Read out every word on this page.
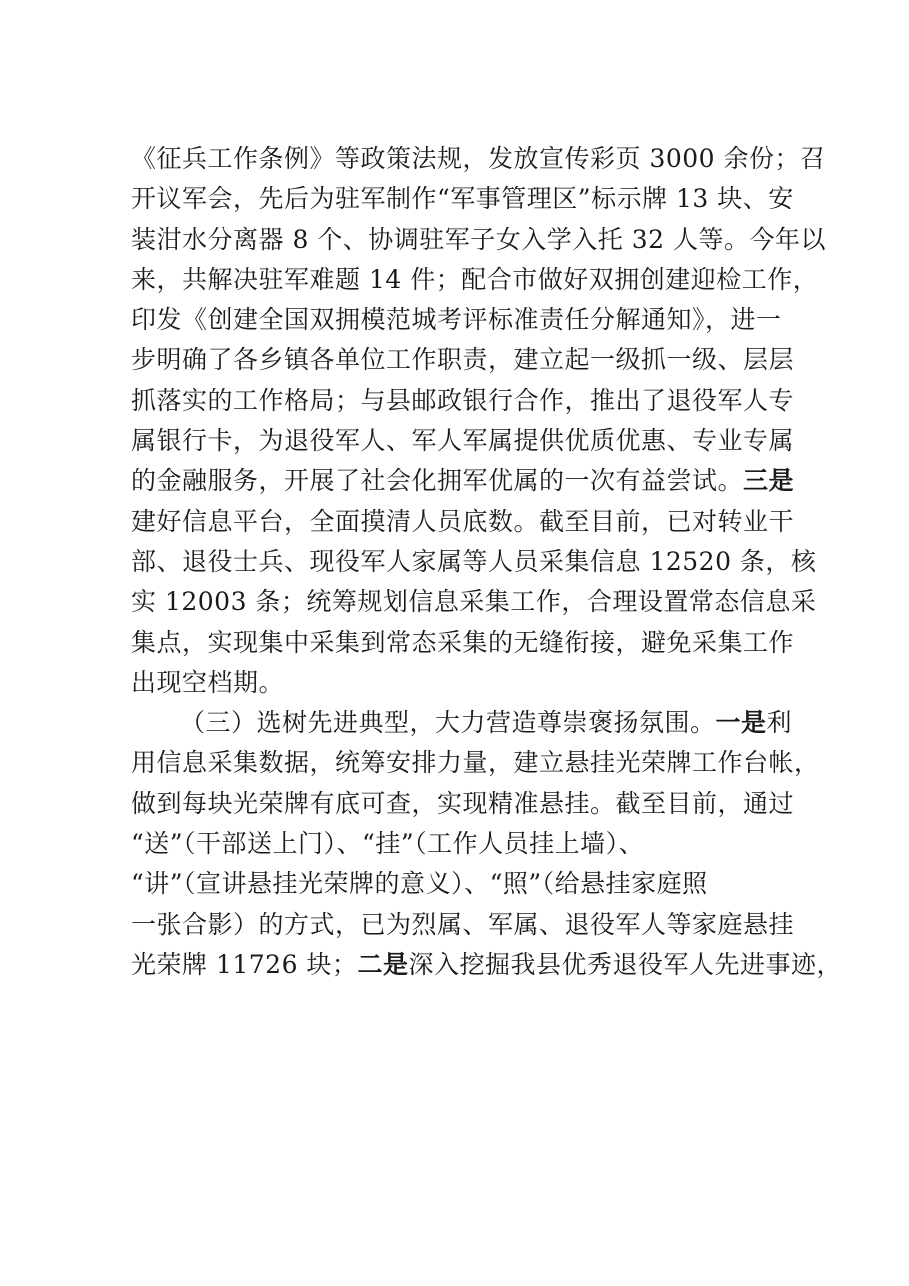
《征兵工作条例》等政策法规，发放宣传彩页 3000 余份；召
开议军会，先后为驻军制作“军事管理区”标示牌 13 块、安
装泔水分离器 8 个、协调驻军子女入学入托 32 人等。今年以
来，共解决驻军难题 14 件；配合市做好双拥创建迎检工作，
印发《创建全国双拥模范城考评标准责任分解通知》，进一
步明确了各乡镇各单位工作职责，建立起一级抓一级、层层
抓落实的工作格局；与县邮政银行合作，推出了退役军人专
属银行卡，为退役军人、军人军属提供优质优惠、专业专属
的金融服务，开展了社会化拥军优属的一次有益尝试。三是
建好信息平台，全面摸清人员底数。截至目前，已对转业干
部、退役士兵、现役军人家属等人员采集信息 12520 条，核
实 12003 条；统筹规划信息采集工作，合理设置常态信息采
集点，实现集中采集到常态采集的无缝衔接，避免采集工作
出现空档期。
（三）选树先进典型，大力营造尊崇褒扬氛围。一是利
用信息采集数据，统筹安排力量，建立悬挂光荣牌工作台帐，
做到每块光荣牌有底可查，实现精准悬挂。截至目前，通过
“送”（干部送上门）、“挂”（工作人员挂上墙）、
“讲”（宣讲悬挂光荣牌的意义）、“照”（给悬挂家庭照
一张合影）的方式，已为烈属、军属、退役军人等家庭悬挂
光荣牌 11726 块；二是深入挖掘我县优秀退役军人先进事迹，
